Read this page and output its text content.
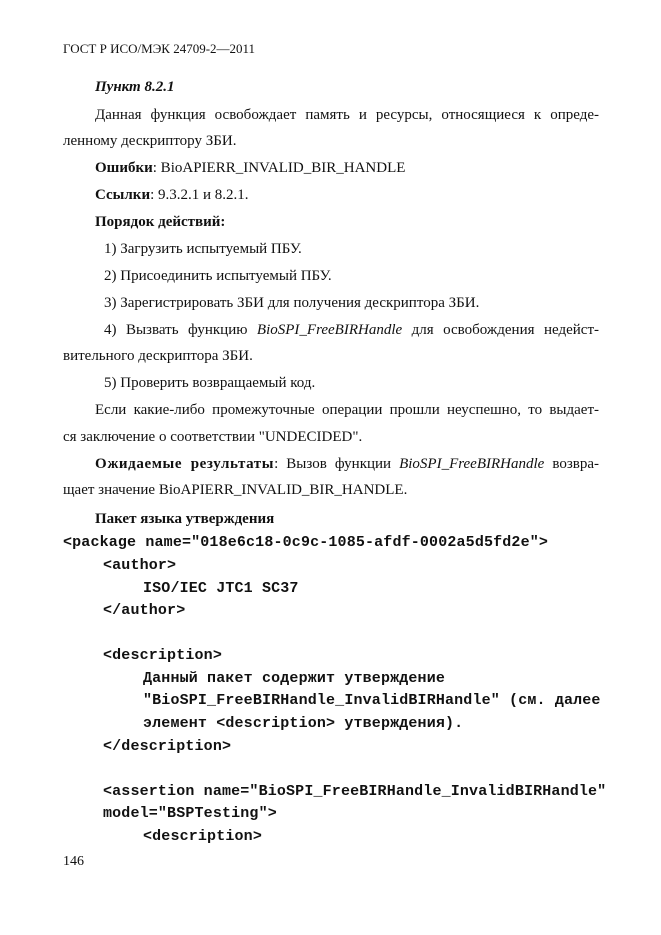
ГОСТ Р ИСО/МЭК 24709-2—2011
Пункт 8.2.1
Данная функция освобождает память и ресурсы, относящиеся к опреде-
ленному дескриптору ЗБИ.
Ошибки: BioAPIERR_INVALID_BIR_HANDLE
Ссылки: 9.3.2.1 и 8.2.1.
Порядок действий:
1) Загрузить испытуемый ПБУ.
2) Присоединить испытуемый ПБУ.
3) Зарегистрировать ЗБИ для получения дескриптора ЗБИ.
4) Вызвать функцию BioSPI_FreeBIRHandle для освобождения недейст-
вительного дескриптора ЗБИ.
5) Проверить возвращаемый код.
Если какие-либо промежуточные операции прошли неуспешно, то выдает-
ся заключение о соответствии "UNDECIDED".
Ожидаемые результаты: Вызов функции BioSPI_FreeBIRHandle возвра-
щает значение BioAPIERR_INVALID_BIR_HANDLE.
Пакет языка утверждения
<package name="018e6c18-0c9c-1085-afdf-0002a5d5fd2e">
<author>
ISO/IEC JTC1 SC37
</author>
<description>
Данный пакет содержит утверждение
"BioSPI_FreeBIRHandle_InvalidBIRHandle" (см. далее
элемент <description> утверждения).
</description>
<assertion name="BioSPI_FreeBIRHandle_InvalidBIRHandle"
model="BSPTesting">
<description>
146
